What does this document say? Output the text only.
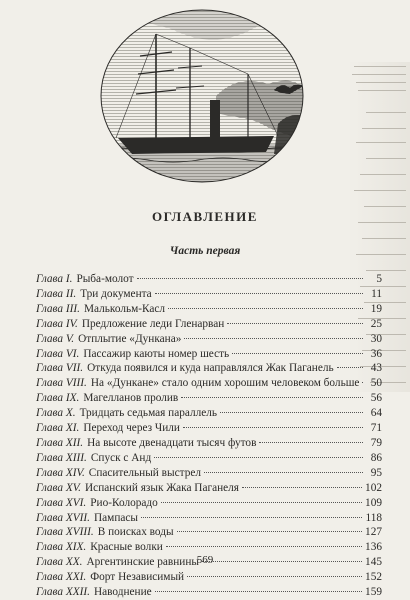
ОГЛАВЛЕНИЕ
Часть первая
Глава I. Рыба-молот	5
Глава II. Три документа	11
Глава III. Малькольм-Касл	19
Глава IV. Предложение леди Гленарван	25
Глава V. Отплытие «Дункана»	30
Глава VI. Пассажир каюты номер шесть	36
Глава VII. Откуда появился и куда направлялся Жак Паганель	43
Глава VIII. На «Дункане» стало одним хорошим человеком больше 50
Глава IX. Магелланов пролив	56
Глава X. Тридцать седьмая параллель	64
Глава XI. Переход через Чили	71
Глава XII. На высоте двенадцати тысяч футов	79
Глава XIII. Спуск с Анд	86
Глава XIV. Спасительный выстрел	95
Глава XV. Испанский язык Жака Паганеля	102
Глава XVI. Рио-Колорадо	109
Глава XVII. Пампасы	118
Глава XVIII. В поисках воды	127
Глава XIX. Красные волки	136
Глава XX. Аргентинские равнины	145
Глава XXI. Форт Независимый	152
Глава XXII. Наводнение	159
569
